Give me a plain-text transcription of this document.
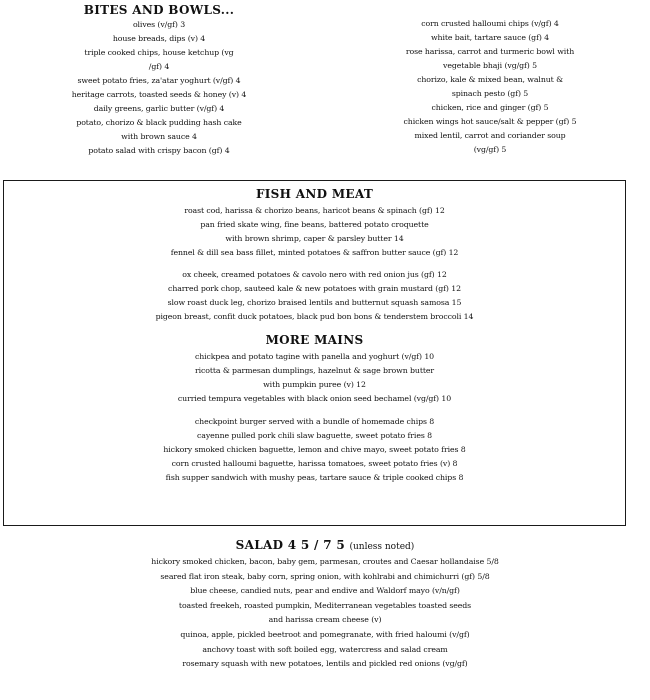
BITES AND BOWLS...
olives (v/gf) 3
house breads, dips (v) 4
triple cooked chips, house ketchup (vg
/gf) 4
sweet potato fries, za'atar yoghurt (v/gf) 4
heritage carrots, toasted seeds & honey (v) 4
daily greens, garlic butter (v/gf) 4
potato, chorizo & black pudding hash cake
with brown sauce 4
potato salad with crispy bacon (gf) 4
corn crusted halloumi chips (v/gf) 4
white bait, tartare sauce (gf) 4
rose harissa, carrot and turmeric bowl with
vegetable bhaji (vg/gf) 5
chorizo, kale & mixed bean, walnut &
spinach pesto (gf) 5
chicken, rice and ginger (gf) 5
chicken wings hot sauce/salt & pepper (gf) 5
mixed lentil, carrot and coriander soup
(vg/gf) 5
FISH AND MEAT
roast cod, harissa & chorizo beans, haricot beans & spinach (gf) 12
pan fried skate wing, fine beans, battered potato croquette
with brown shrimp, caper & parsley butter 14
fennel & dill sea bass fillet, minted potatoes & saffron butter sauce (gf) 12
ox cheek, creamed potatoes & cavolo nero with red onion jus (gf) 12
charred pork chop, sauteed kale & new potatoes with grain mustard (gf) 12
slow roast duck leg, chorizo braised lentils and butternut squash samosa 15
pigeon breast, confit duck potatoes, black pud bon bons & tenderstem broccoli 14
MORE MAINS
chickpea and potato tagine with panella and yoghurt (v/gf) 10
ricotta & parmesan dumplings, hazelnut & sage brown butter
with pumpkin puree (v) 12
curried tempura vegetables with black onion seed bechamel (vg/gf) 10
checkpoint burger served with a bundle of homemade chips 8
cayenne pulled pork chili slaw baguette, sweet potato fries 8
hickory smoked chicken baguette, lemon and chive mayo, sweet potato fries 8
corn crusted halloumi baguette, harissa tomatoes, sweet potato fries (v) 8
fish supper sandwich with mushy peas, tartare sauce & triple cooked chips 8
SALAD 4 5 / 7 5 (unless noted)
hickory smoked chicken, bacon, baby gem, parmesan, croutes and Caesar hollandaise 5/8
seared flat iron steak, baby corn, spring onion, with kohlrabi and chimichurri (gf) 5/8
blue cheese, candied nuts, pear and endive and Waldorf mayo (v/n/gf)
toasted freekeh, roasted pumpkin, Mediterranean vegetables toasted seeds
and harissa cream cheese (v)
quinoa, apple, pickled beetroot and pomegranate, with fried haloumi (v/gf)
anchovy toast with soft boiled egg, watercress and salad cream
rosemary squash with new potatoes, lentils and pickled red onions (vg/gf)
